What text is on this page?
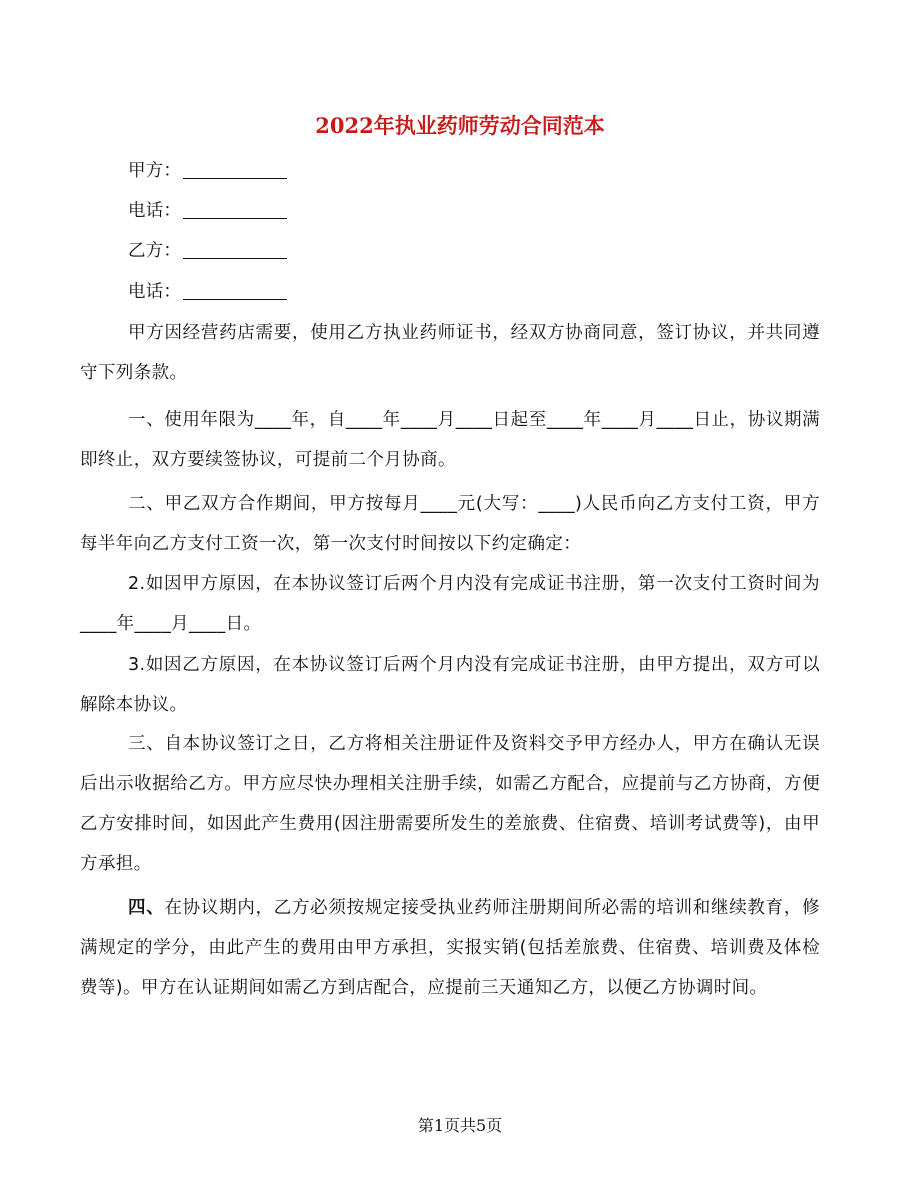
2022年执业药师劳动合同范本
甲方：
电话：
乙方：
电话：
甲方因经营药店需要，使用乙方执业药师证书，经双方协商同意，签订协议，并共同遵守下列条款。
一、使用年限为____年，自____年____月____日起至____年____月____日止，协议期满即终止，双方要续签协议，可提前二个月协商。
二、甲乙双方合作期间，甲方按每月____元(大写：____)人民币向乙方支付工资，甲方每半年向乙方支付工资一次，第一次支付时间按以下约定确定：
2.如因甲方原因，在本协议签订后两个月内没有完成证书注册，第一次支付工资时间为____年____月____日。
3.如因乙方原因，在本协议签订后两个月内没有完成证书注册，由甲方提出，双方可以解除本协议。
三、自本协议签订之日，乙方将相关注册证件及资料交予甲方经办人，甲方在确认无误后出示收据给乙方。甲方应尽快办理相关注册手续，如需乙方配合，应提前与乙方协商，方便乙方安排时间，如因此产生费用(因注册需要所发生的差旅费、住宿费、培训考试费等)，由甲方承担。
四、在协议期内，乙方必须按规定接受执业药师注册期间所必需的培训和继续教育，修满规定的学分，由此产生的费用由甲方承担，实报实销(包括差旅费、住宿费、培训费及体检费等)。甲方在认证期间如需乙方到店配合，应提前三天通知乙方，以便乙方协调时间。
第1页共5页
